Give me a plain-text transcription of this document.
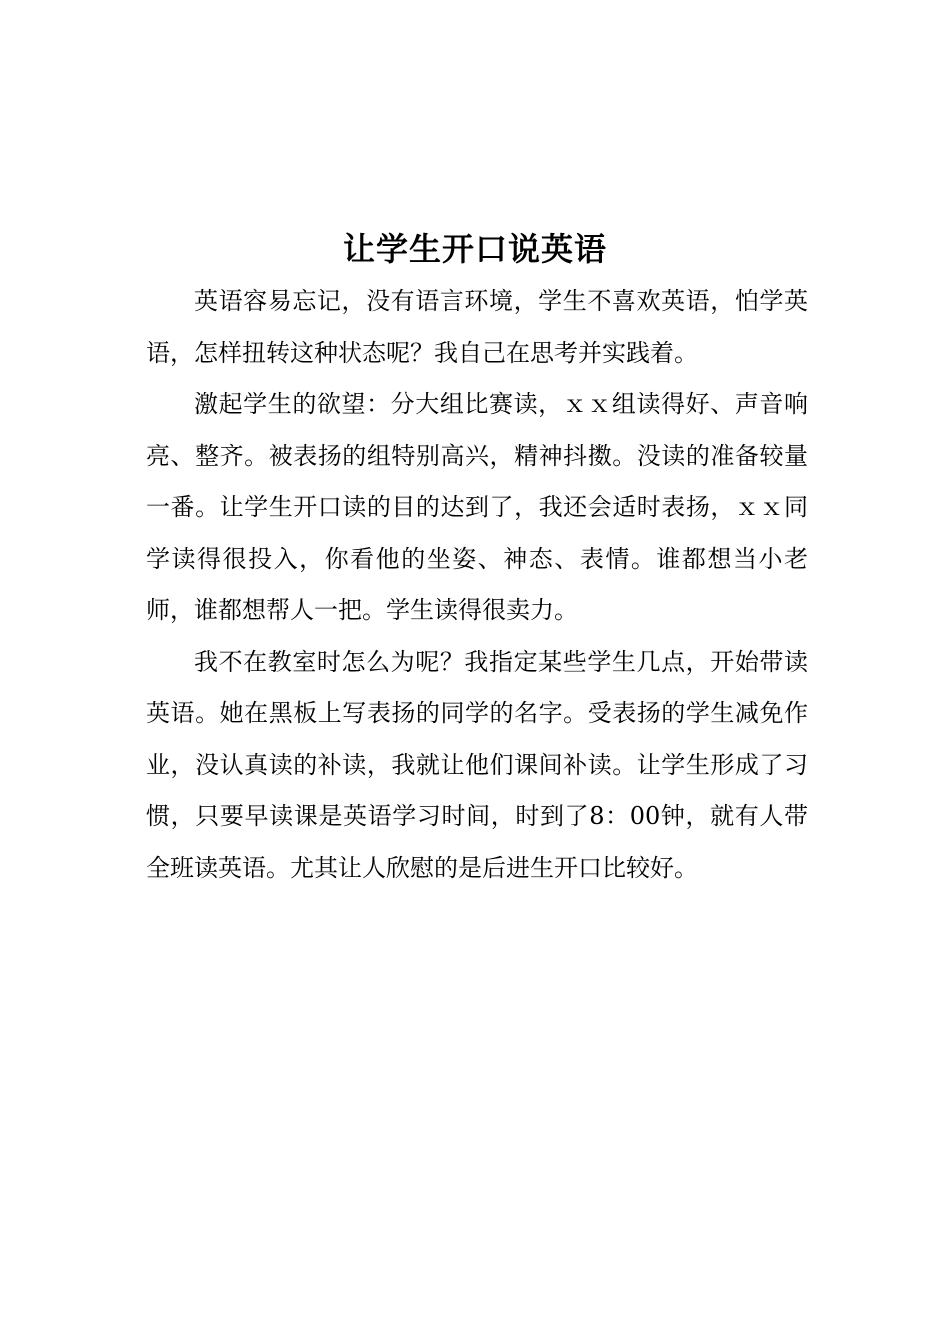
让学生开口说英语

英语容易忘记，没有语言环境，学生不喜欢英语，怕学英语，怎样扭转这种状态呢？我自己在思考并实践着。

激起学生的欲望：分大组比赛读，ｘｘ组读得好、声音响亮、整齐。被表扬的组特别高兴，精神抖擞。没读的准备较量一番。让学生开口读的目的达到了，我还会适时表扬，ｘｘ同学读得很投入，你看他的坐姿、神态、表情。谁都想当小老师，谁都想帮人一把。学生读得很卖力。

我不在教室时怎么为呢？我指定某些学生几点，开始带读英语。她在黑板上写表扬的同学的名字。受表扬的学生减免作业，没认真读的补读，我就让他们课间补读。让学生形成了习惯，只要早读课是英语学习时间，时到了8：00钟，就有人带全班读英语。尤其让人欣慰的是后进生开口比较好。
